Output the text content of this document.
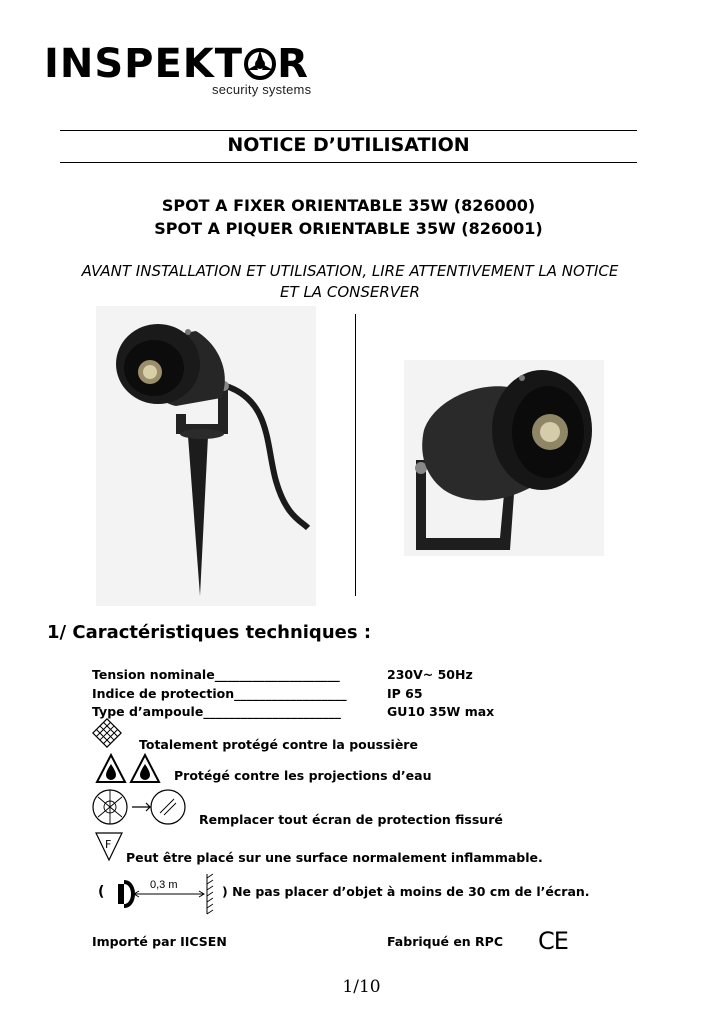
INSPEKT R
security systems
NOTICE D’UTILISATION
SPOT A FIXER ORIENTABLE 35W (826000)
SPOT A PIQUER ORIENTABLE 35W (826001)
AVANT INSTALLATION ET UTILISATION, LIRE ATTENTIVEMENT LA NOTICE
ET LA CONSERVER
1/ Caractéristiques techniques :
Tension nominale____________________	230V~ 50Hz
Indice de protection__________________	IP 65
Type d’ampoule______________________	GU10 35W max
Totalement protégé contre la poussière
Protégé contre les projections d’eau
Remplacer tout écran de protection fissuré
F
Peut être placé sur une surface normalement inflammable.
(	0,3 m	) Ne pas placer d’objet à moins de 30 cm de l’écran.
Importé par IICSEN	Fabriqué en RPC CE
1/10
